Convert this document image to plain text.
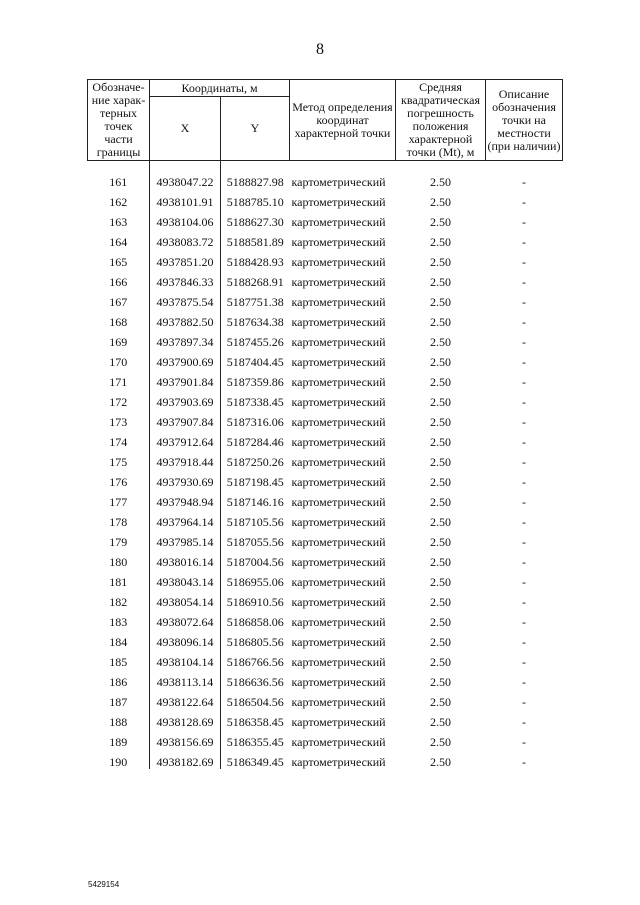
8
Обозначе-ние харак-терных точек части границы	Координаты, м		Метод определения координат характерной точки	Средняя квадратическая погрешность положения характерной точки (Mt), м	Описание обозначения точки на местности (при наличии)
	X	Y			

161	4938047.22	5188827.98	картометрический	2.50	-
162	4938101.91	5188785.10	картометрический	2.50	-
163	4938104.06	5188627.30	картометрический	2.50	-
164	4938083.72	5188581.89	картометрический	2.50	-
165	4937851.20	5188428.93	картометрический	2.50	-
166	4937846.33	5188268.91	картометрический	2.50	-
167	4937875.54	5187751.38	картометрический	2.50	-
168	4937882.50	5187634.38	картометрический	2.50	-
169	4937897.34	5187455.26	картометрический	2.50	-
170	4937900.69	5187404.45	картометрический	2.50	-
171	4937901.84	5187359.86	картометрический	2.50	-
172	4937903.69	5187338.45	картометрический	2.50	-
173	4937907.84	5187316.06	картометрический	2.50	-
174	4937912.64	5187284.46	картометрический	2.50	-
175	4937918.44	5187250.26	картометрический	2.50	-
176	4937930.69	5187198.45	картометрический	2.50	-
177	4937948.94	5187146.16	картометрический	2.50	-
178	4937964.14	5187105.56	картометрический	2.50	-
179	4937985.14	5187055.56	картометрический	2.50	-
180	4938016.14	5187004.56	картометрический	2.50	-
181	4938043.14	5186955.06	картометрический	2.50	-
182	4938054.14	5186910.56	картометрический	2.50	-
183	4938072.64	5186858.06	картометрический	2.50	-
184	4938096.14	5186805.56	картометрический	2.50	-
185	4938104.14	5186766.56	картометрический	2.50	-
186	4938113.14	5186636.56	картометрический	2.50	-
187	4938122.64	5186504.56	картометрический	2.50	-
188	4938128.69	5186358.45	картометрический	2.50	-
189	4938156.69	5186355.45	картометрический	2.50	-
190	4938182.69	5186349.45	картометрический	2.50	-
5429154
